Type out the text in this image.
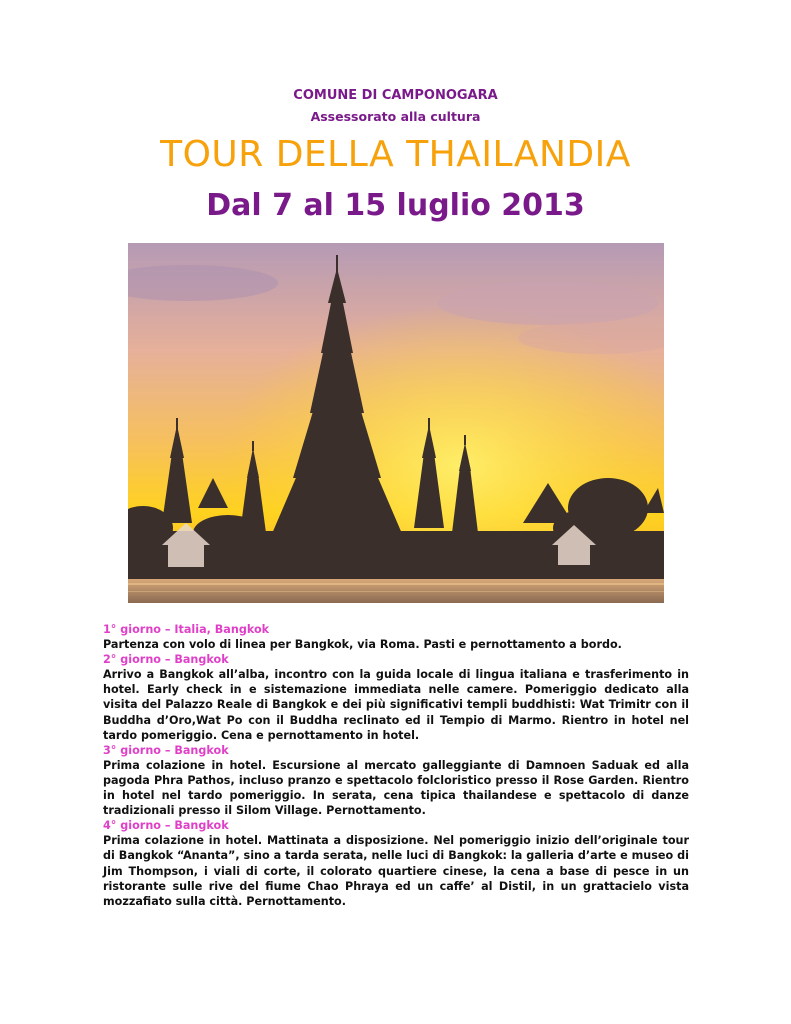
COMUNE DI CAMPONOGARA
Assessorato alla cultura
TOUR DELLA THAILANDIA
Dal 7 al 15 luglio 2013
1° giorno – Italia, Bangkok

Partenza con volo di linea per Bangkok, via Roma. Pasti e pernottamento a bordo.

2° giorno – Bangkok

Arrivo a Bangkok all’alba, incontro con la guida locale di lingua italiana e trasferimento in hotel. Early check in e sistemazione immediata nelle camere. Pomeriggio dedicato alla visita del Palazzo Reale di Bangkok e dei più significativi templi buddhisti: Wat Trimitr con il Buddha d’Oro,Wat Po con il Buddha reclinato ed il Tempio di Marmo. Rientro in hotel nel tardo pomeriggio. Cena e pernottamento in hotel.

3° giorno – Bangkok

Prima colazione in hotel. Escursione al mercato galleggiante di Damnoen Saduak ed alla pagoda Phra Pathos, incluso pranzo e spettacolo folcloristico presso il Rose Garden. Rientro in hotel nel tardo pomeriggio. In serata, cena tipica thailandese e spettacolo di danze tradizionali presso il Silom Village. Pernottamento.

4° giorno – Bangkok

Prima colazione in hotel. Mattinata a disposizione. Nel pomeriggio inizio dell’originale tour di Bangkok “Ananta”, sino a tarda serata, nelle luci di Bangkok: la galleria d’arte e museo di Jim Thompson, i viali di corte, il colorato quartiere cinese, la cena a base di pesce in un ristorante sulle rive del fiume Chao Phraya ed un caffe’ al Distil, in un grattacielo vista mozzafiato sulla città. Pernottamento.
